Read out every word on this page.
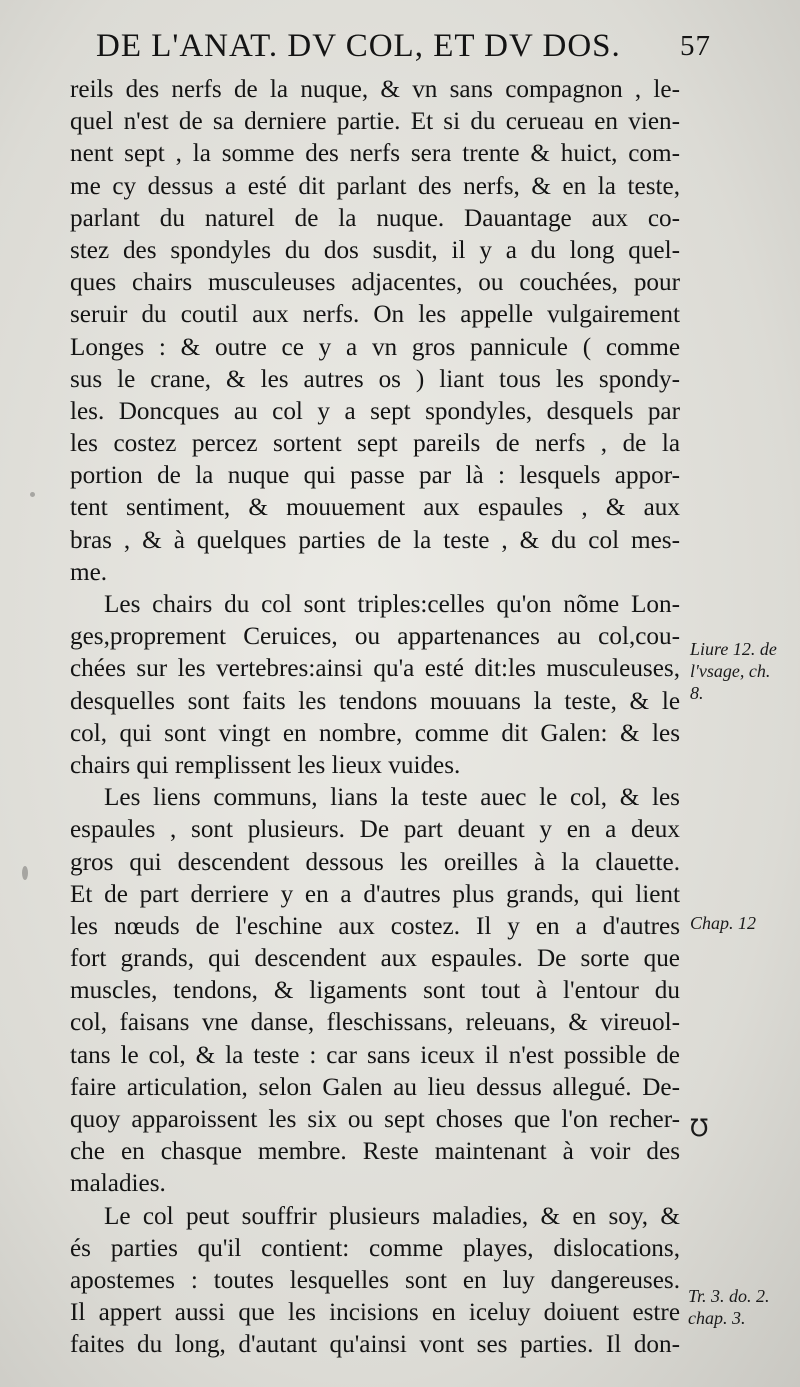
DE L'ANAT. DV COL, ET DV DOS. 57
reils des nerfs de la nuque, & vn sans compagnon , le-
quel n'est de sa derniere partie. Et si du cerueau en vien-
nent sept , la somme des nerfs sera trente & huict, com-
me cy dessus a esté dit parlant des nerfs, & en la teste,
parlant du naturel de la nuque. Dauantage aux co-
stez des spondyles du dos susdit, il y a du long quel-
ques chairs musculeuses adjacentes, ou couchées, pour
seruir du coutil aux nerfs. On les appelle vulgairement
Longes : & outre ce y a vn gros pannicule ( comme
sus le crane, & les autres os ) liant tous les spondy-
les. Doncques au col y a sept spondyles, desquels par
les costez percez sortent sept pareils de nerfs , de la
portion de la nuque qui passe par là : lesquels appor-
tent sentiment, & mouuement aux espaules , & aux
bras , & à quelques parties de la teste , & du col mes-
me.
Les chairs du col sont triples:celles qu'on nõme Lon-
ges,proprement Ceruices, ou appartenances au col,cou-
chées sur les vertebres:ainsi qu'a esté dit:les musculeuses,
desquelles sont faits les tendons mouuans la teste, & le
col, qui sont vingt en nombre, comme dit Galen: & les
chairs qui remplissent les lieux vuides.
Les liens communs, lians la teste auec le col, & les
espaules , sont plusieurs. De part deuant y en a deux
gros qui descendent dessous les oreilles à la clauette.
Et de part derriere y en a d'autres plus grands, qui lient
les nœuds de l'eschine aux costez. Il y en a d'autres
fort grands, qui descendent aux espaules. De sorte que
muscles, tendons, & ligaments sont tout à l'entour du
col, faisans vne danse, fleschissans, releuans, & vireuol-
tans le col, & la teste : car sans iceux il n'est possible de
faire articulation, selon Galen au lieu dessus allegué. De-
quoy apparoissent les six ou sept choses que l'on recher-
che en chasque membre. Reste maintenant à voir des
maladies.
Le col peut souffrir plusieurs maladies, & en soy, &
és parties qu'il contient: comme playes, dislocations,
apostemes : toutes lesquelles sont en luy dangereuses.
Il appert aussi que les incisions en iceluy doiuent estre
faites du long, d'autant qu'ainsi vont ses parties. Il don-
Liure 12. de
l'vsage, ch.
8.
Chap. 12
℧
Tr. 3. do. 2.
chap. 3.
